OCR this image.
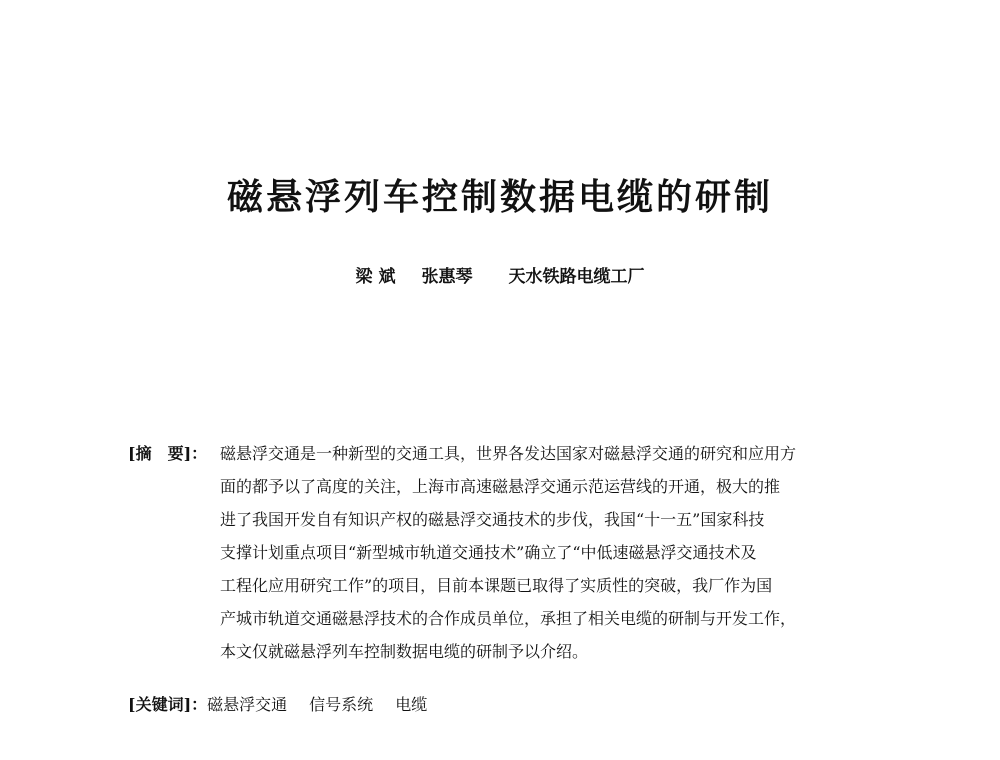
磁悬浮列车控制数据电缆的研制
梁 斌 张惠琴 天水铁路电缆工厂
[摘　要]： 磁悬浮交通是一种新型的交通工具，世界各发达国家对磁悬浮交通的研究和应用方
面的都予以了高度的关注，上海市高速磁悬浮交通示范运营线的开通，极大的推
进了我国开发自有知识产权的磁悬浮交通技术的步伐，我国“十一五”国家科技
支撑计划重点项目“新型城市轨道交通技术”确立了“中低速磁悬浮交通技术及
工程化应用研究工作”的项目，目前本课题已取得了实质性的突破，我厂作为国
产城市轨道交通磁悬浮技术的合作成员单位，承担了相关电缆的研制与开发工作，
本文仅就磁悬浮列车控制数据电缆的研制予以介绍。
[关键词]：磁悬浮交通 信号系统 电缆
